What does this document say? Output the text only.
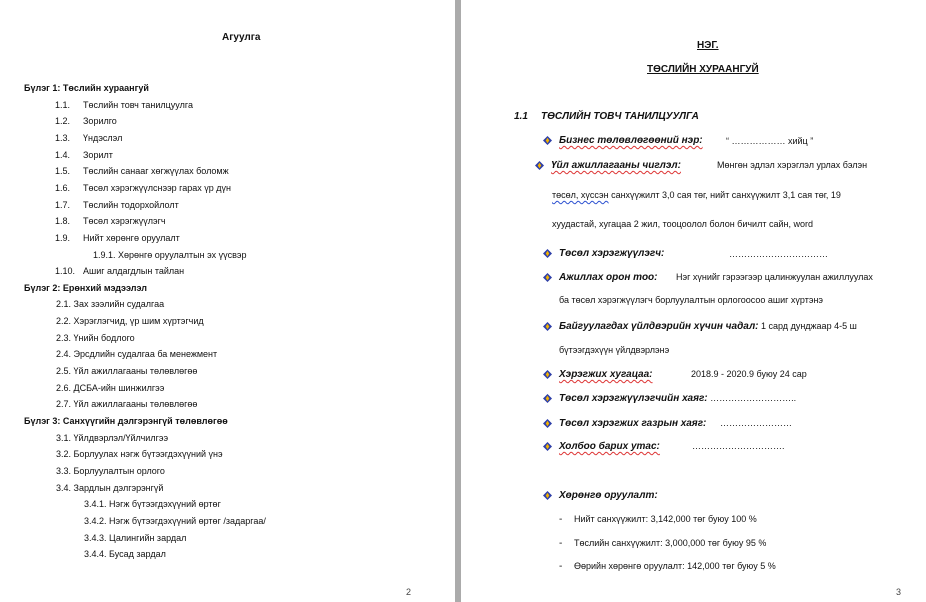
Агуулга
Бүлэг 1: Төслийн хураангуй
1.1. Төслийн товч танилцуулга
1.2. Зорилго
1.3. Үндэслэл
1.4. Зорилт
1.5. Төслийн санааг хөгжүүлах боломж
1.6. Төсөл хэрэгжүүлснээр гарах үр дүн
1.7. Төслийн тодорхойлолт
1.8. Төсөл хэрэгжүүлэгч
1.9. Нийт хөрөнгө оруулалт
1.9.1. Хөрөнгө оруулалтын эх үүсвэр
1.10. Ашиг алдагдлын тайлан
Бүлэг 2: Ерөнхий мэдээлэл
2.1. Зах зээлийн судалгаа
2.2. Хэрэглэгчид, үр шим хүртэгчид
2.3. Үнийн бодлого
2.4. Эрсдлийн судалгаа ба менежмент
2.5. Үйл ажиллагааны төлөвлөгөө
2.6. ДСБА-ийн шинжилгээ
2.7. Үйл ажиллагааны төлөвлөгөө
Бүлэг 3: Санхүүгийн дэлгэрэнгүй төлөвлөгөө
3.1. Үйлдвэрлэл/Үйлчилгээ
3.2. Борлуулах нэгж бүтээгдэхүүний үнэ
3.3. Борлуулалтын орлого
3.4. Зардлын дэлгэрэнгүй
3.4.1. Нэгж бүтээгдэхүүний өртөг
3.4.2. Нэгж бүтээгдэхүүний өртөг /задаргаа/
3.4.3. Цалингийн зардал
3.4.4. Бусад зардал
2
НЭГ.
ТӨСЛИЙН ХУРААНГУЙ
1.1 ТӨСЛИЙН ТОВЧ ТАНИЛЦУУЛГА
Бизнес төлөвлөгөөний нэр:	“ ……………… хийц ”
Үйл ажиллагааны чиглэл:	Мөнгөн эдлэл хэрэглэл урлах бэлэн
төсөл, хүссэн санхүүжилт 3,0 сая төг, нийт санхүүжилт 3,1 сая төг, 19
хуудастай, хугацаа 2 жил, тооцоолол болон бичилт сайн, word
Төсөл хэрэгжүүлэгч:	……………………………
Ажиллах орон тоо: Нэг хүнийг гэрээгээр цалинжуулан ажиллуулах
ба төсөл хэрэгжүүлэгч борлуулалтын орлогоосоо ашиг хүртэнэ
Байгуулагдах үйлдвэрийн хүчин чадал: 1 сард дунджаар 4-5 ш
бүтээгдэхүүн үйлдвэрлэнэ
Хэрэгжих хугацаа:	2018.9 - 2020.9 буюу 24 сар
Төсөл хэрэгжүүлэгчийн хаяг: ………………………..
Төсөл хэрэгжих газрын хаяг: ……………………
Холбоо барих утас:	………………………….
Хөрөнгө оруулалт:
- Нийт санхүүжилт: 3,142,000 төг буюу 100 %
- Төслийн санхүүжилт: 3,000,000 төг буюу 95 %
- Өөрийн хөрөнгө оруулалт: 142,000 төг буюу 5 %
3
